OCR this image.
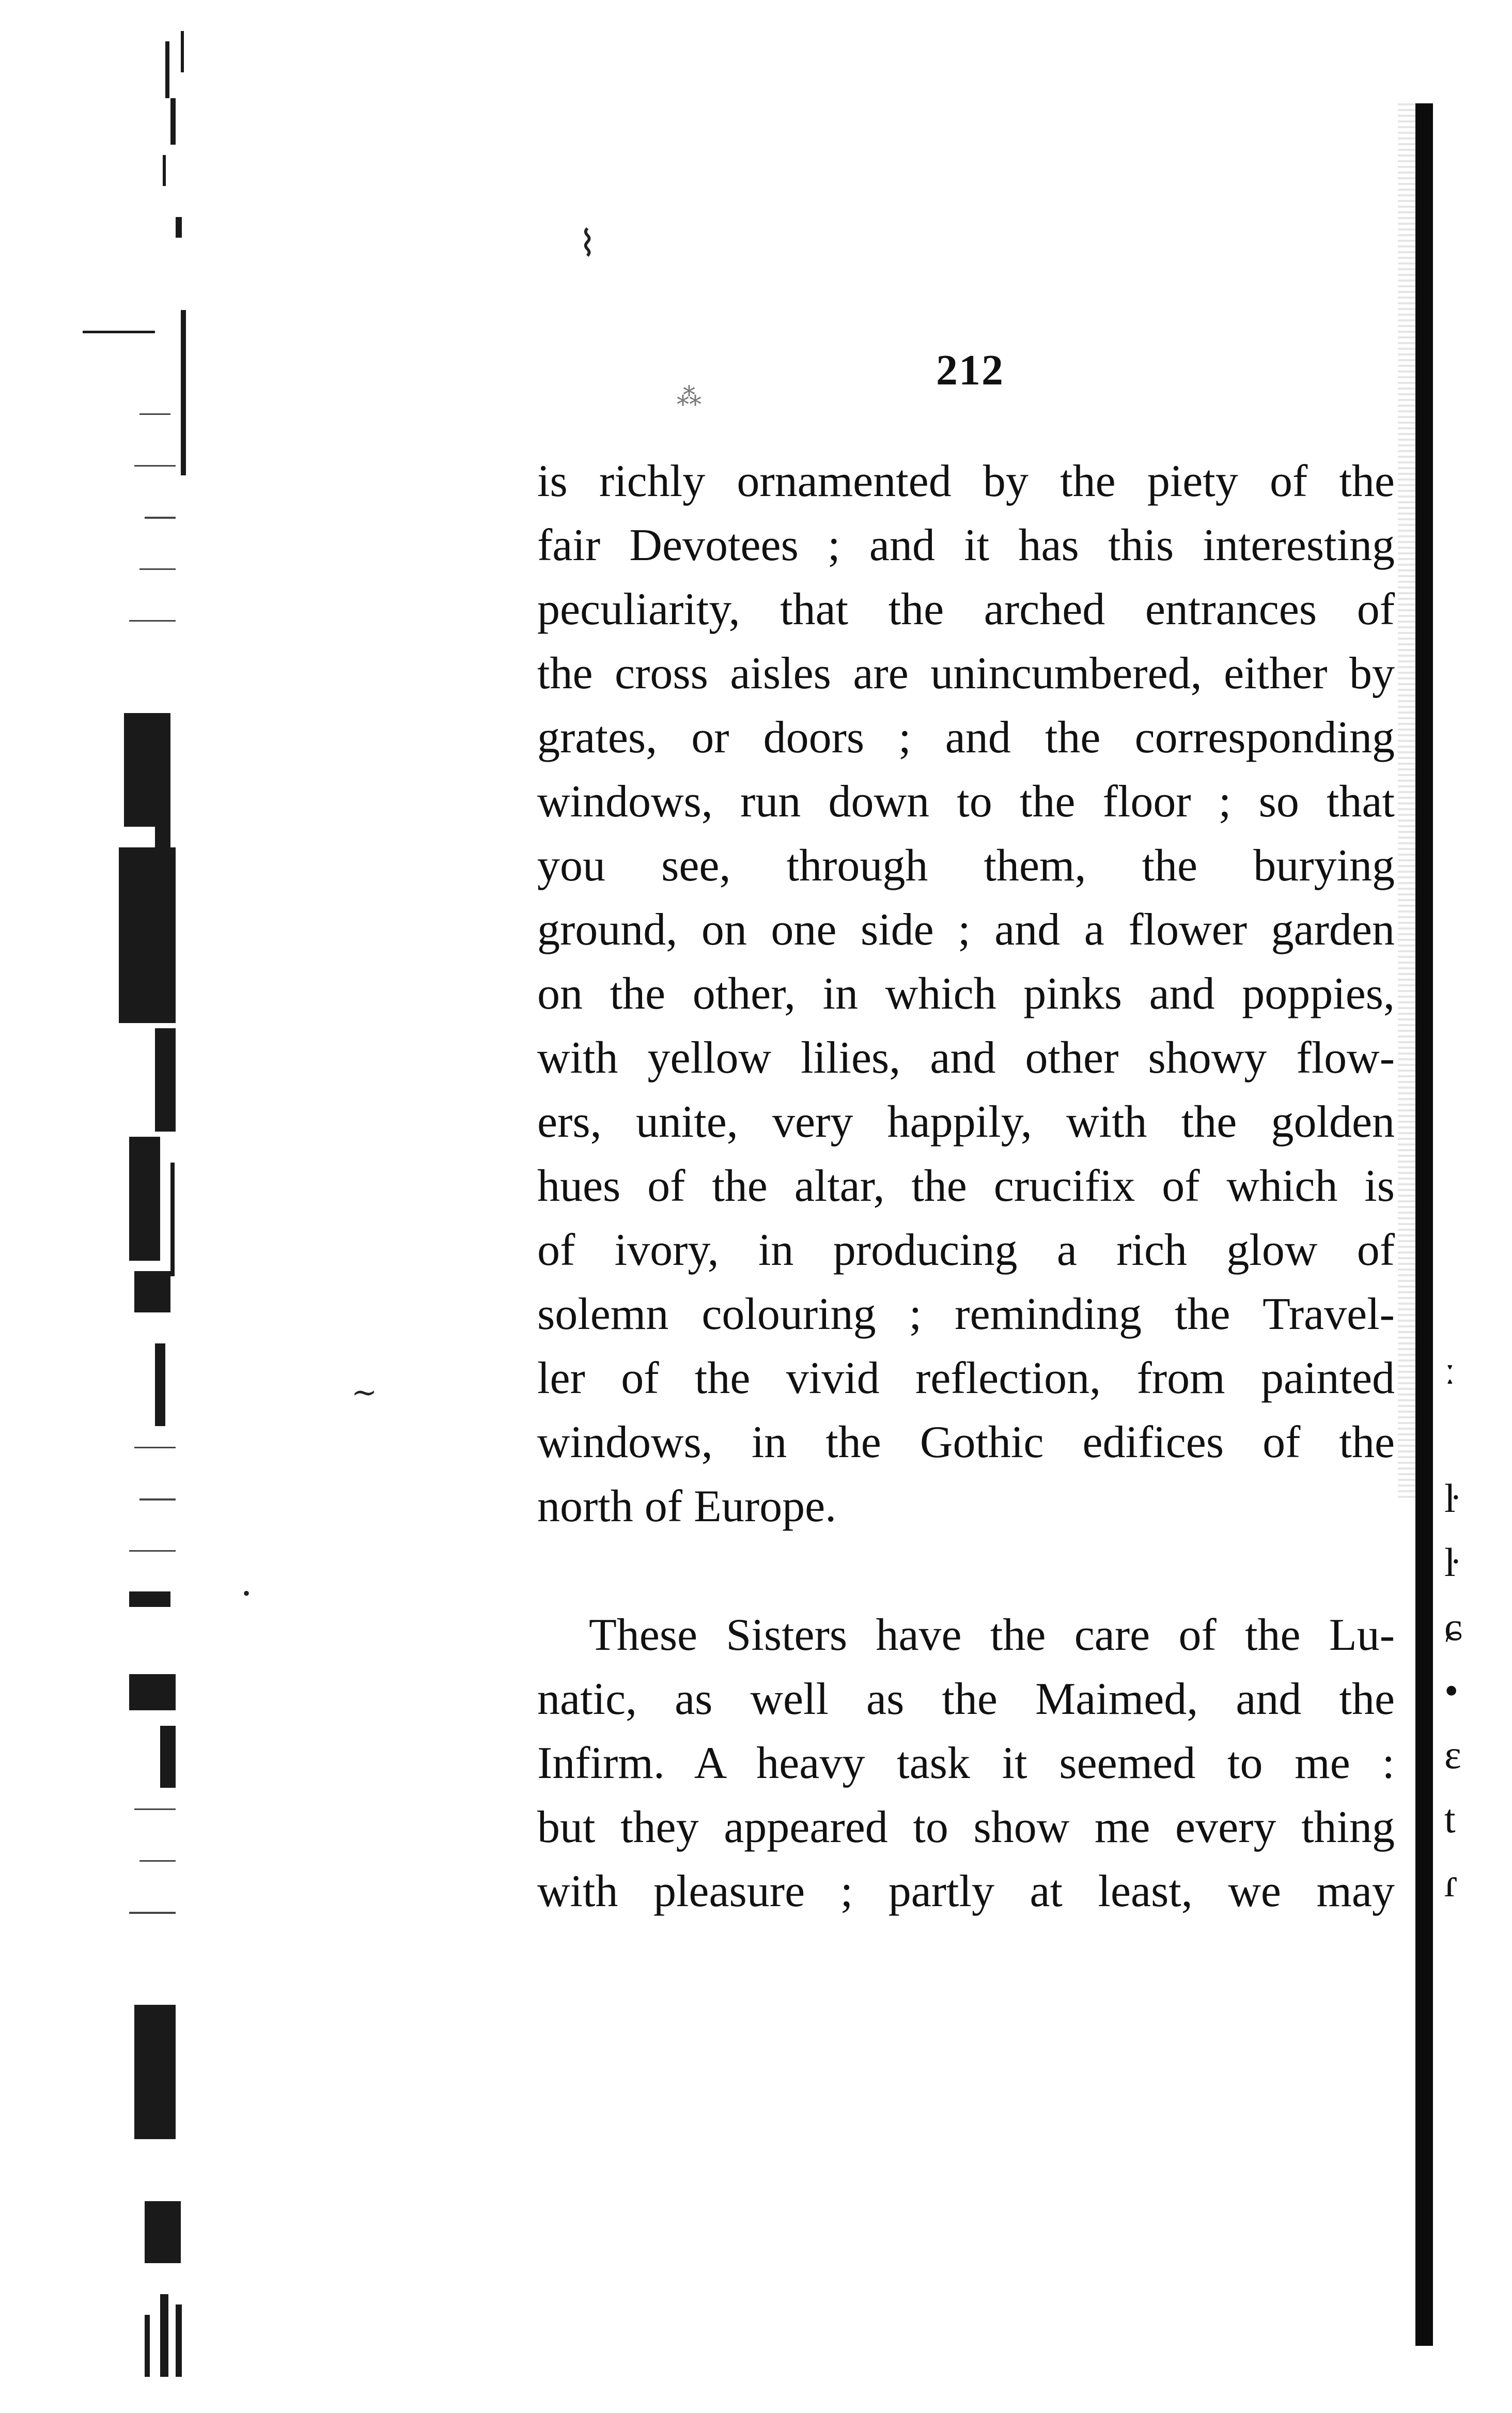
⌇
⁂
∼
•
212
is richly ornamented by the piety of the
fair Devotees ; and it has this interesting
peculiarity, that the arched entrances of
the cross aisles are unincumbered, either by
grates, or doors ; and the corresponding
windows, run down to the floor ; so that
you see, through them, the burying
ground, on one side ; and a flower garden
on the other, in which pinks and poppies,
with yellow lilies, and other showy flow-
ers, unite, very happily, with the golden
hues of the altar, the crucifix of which is
of ivory, in producing a rich glow of
solemn colouring ; reminding the Travel-
ler of the vivid reflection, from painted
windows, in the Gothic edifices of the
north of Europe.
These Sisters have the care of the Lu-
natic, as well as the Maimed, and the
Infirm. A heavy task it seemed to me :
but they appeared to show me every thing
with pleasure ; partly at least, we may
ː
ŀ
ŀ
ɕ
•
ɛ
t
ɾ
